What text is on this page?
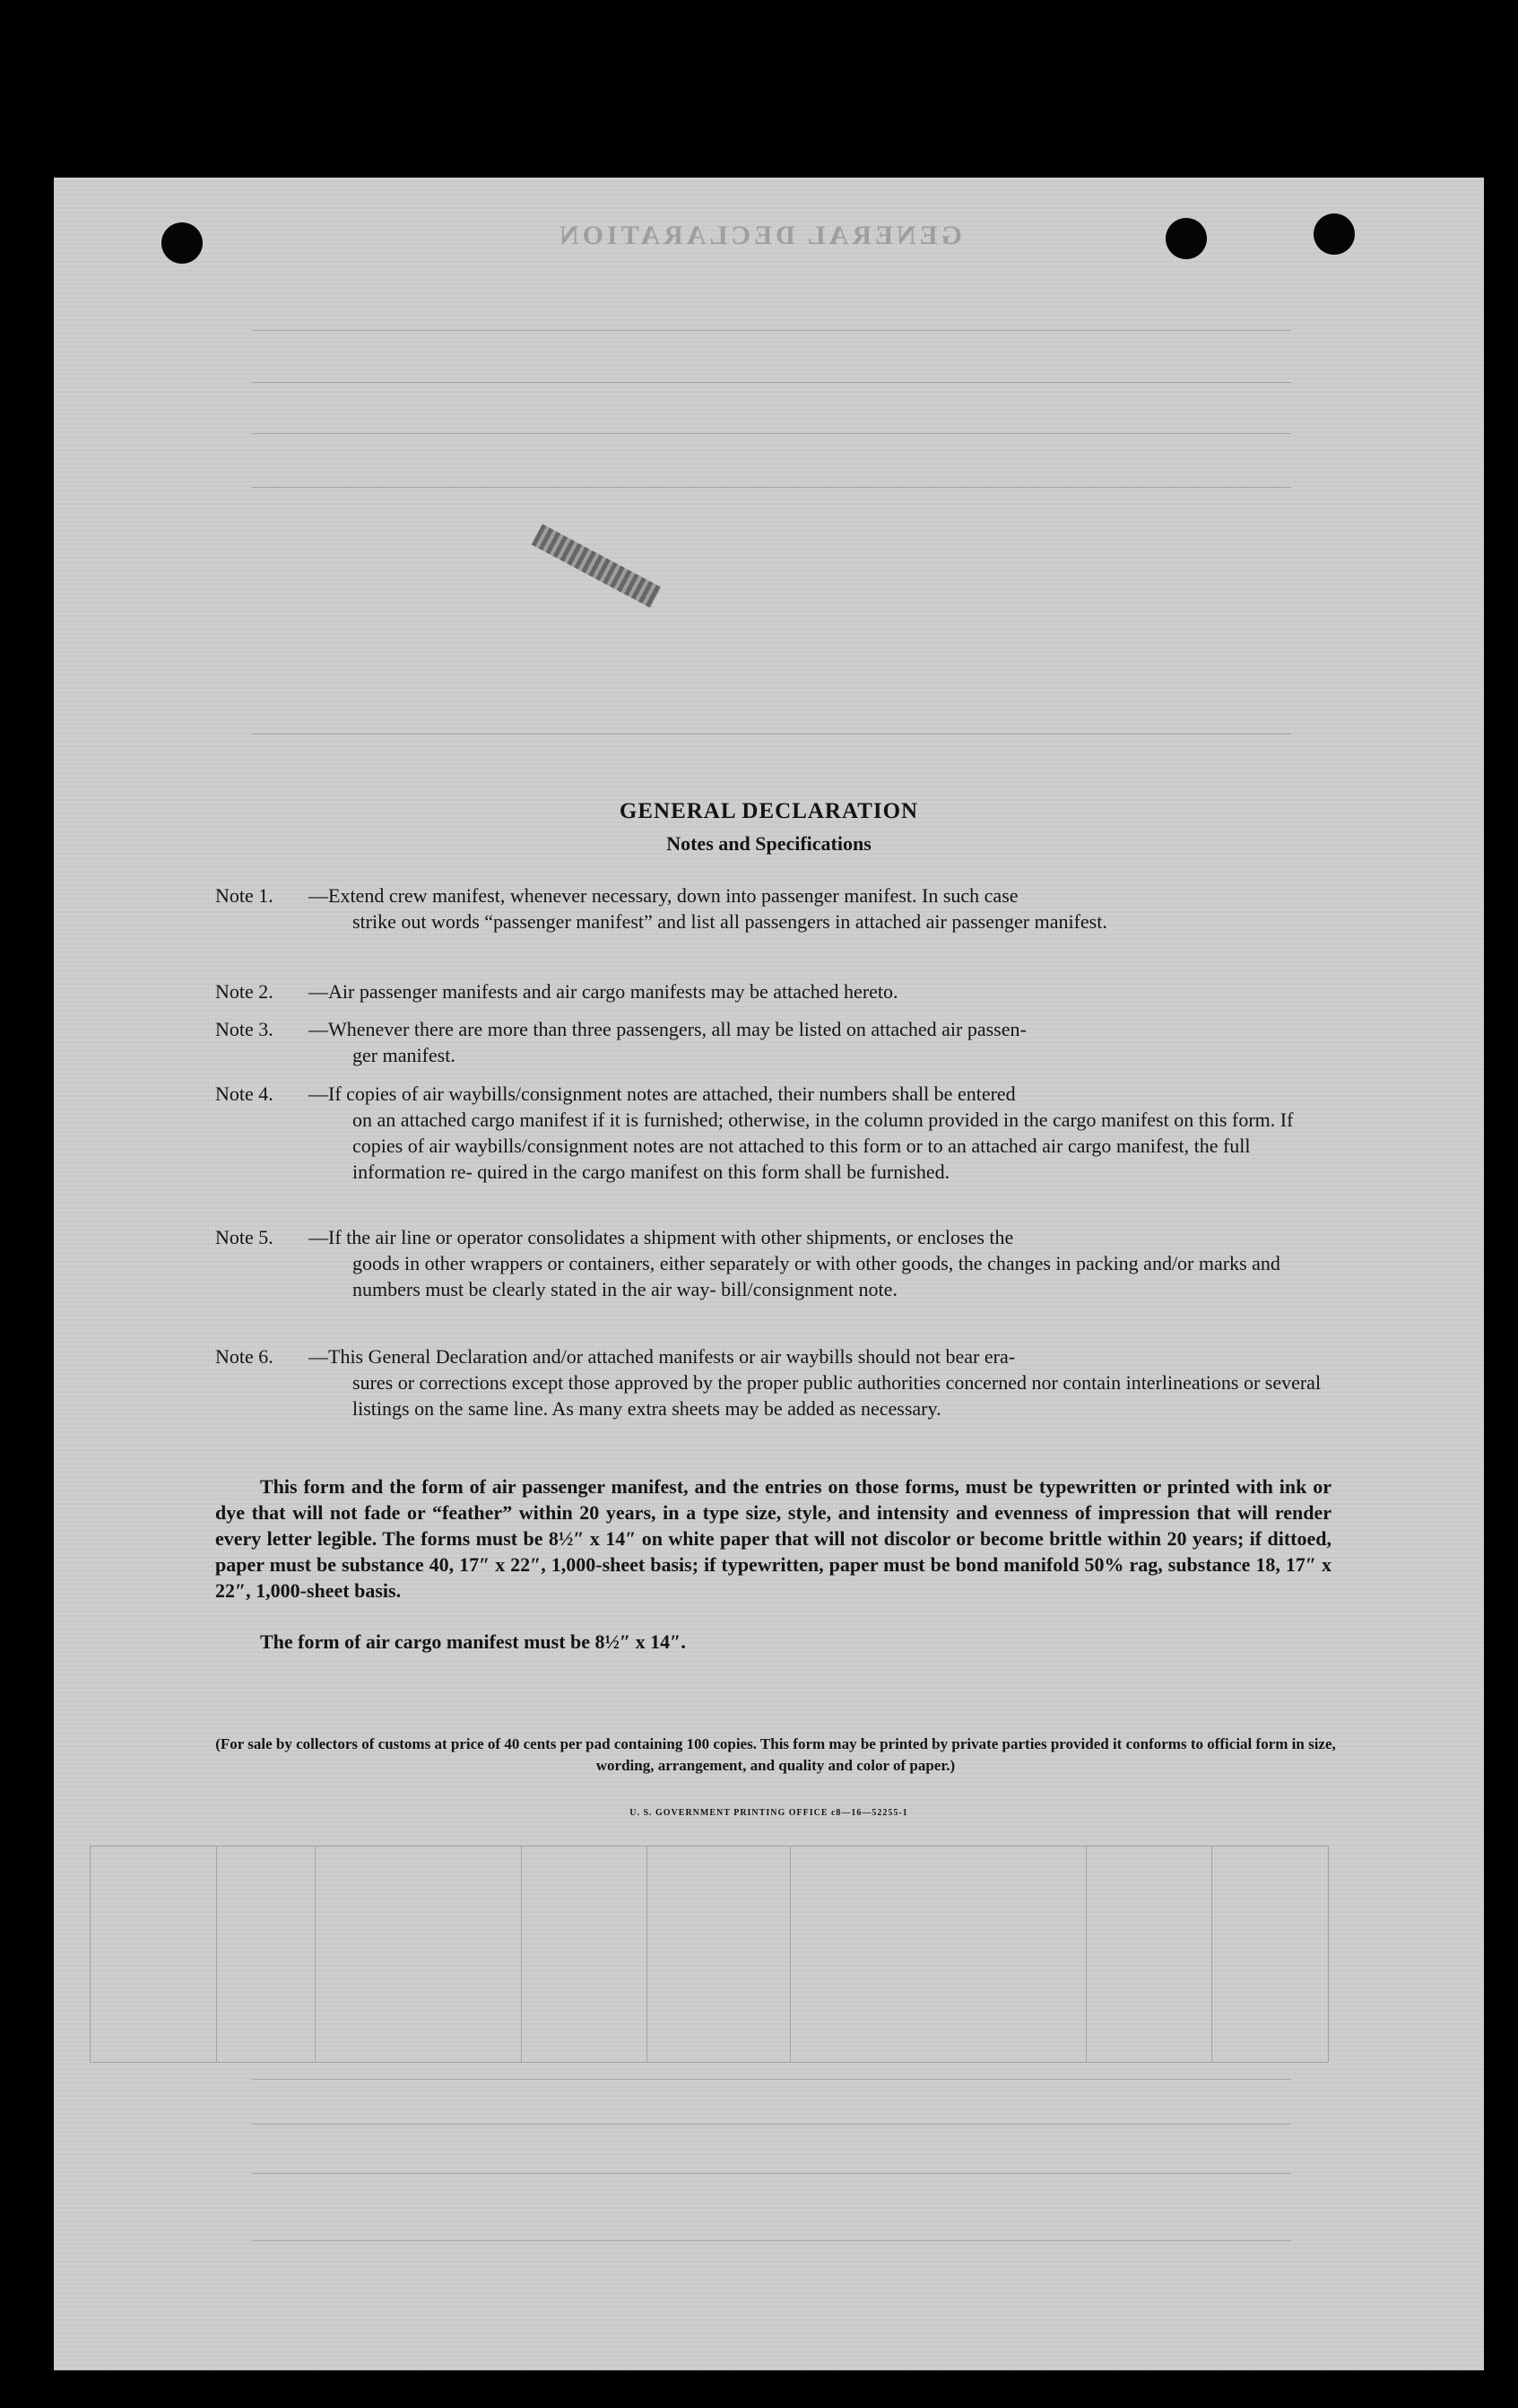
GENERAL DECLARATION
GENERAL DECLARATION
Notes and Specifications
Note 1.	—Extend crew manifest, whenever necessary, down into passenger manifest. In such case
strike out words “passenger manifest” and list all passengers in attached air passenger manifest.
Note 2.	—Air passenger manifests and air cargo manifests may be attached hereto.
Note 3.	—Whenever there are more than three passengers, all may be listed on attached air passen-
ger manifest.
Note 4.	—If copies of air waybills/consignment notes are attached, their numbers shall be entered
on an attached cargo manifest if it is furnished; otherwise, in the column provided in the cargo manifest on this form. If copies of air waybills/consignment notes are not attached to this form or to an attached air cargo manifest, the full information re- quired in the cargo manifest on this form shall be furnished.
Note 5.	—If the air line or operator consolidates a shipment with other shipments, or encloses the
goods in other wrappers or containers, either separately or with other goods, the changes in packing and/or marks and numbers must be clearly stated in the air way- bill/consignment note.
Note 6.	—This General Declaration and/or attached manifests or air waybills should not bear era-
sures or corrections except those approved by the proper public authorities concerned nor contain interlineations or several listings on the same line. As many extra sheets may be added as necessary.
This form and the form of air passenger manifest, and the entries on those forms, must be typewritten or printed with ink or dye that will not fade or “feather” within 20 years, in a type size, style, and intensity and evenness of impression that will render every letter legible. The forms must be 8½″ x 14″ on white paper that will not discolor or become brittle within 20 years; if dittoed, paper must be substance 40, 17″ x 22″, 1,000-sheet basis; if typewritten, paper must be bond manifold 50% rag, substance 18, 17″ x 22″, 1,000-sheet basis.
The form of air cargo manifest must be 8½″ x 14″.
(For sale by collectors of customs at price of 40 cents per pad containing 100 copies. This form may be printed by private parties provided it conforms to official form in size, wording, arrangement, and quality and color of paper.)
U. S. GOVERNMENT PRINTING OFFICE c8—16—52255-1
